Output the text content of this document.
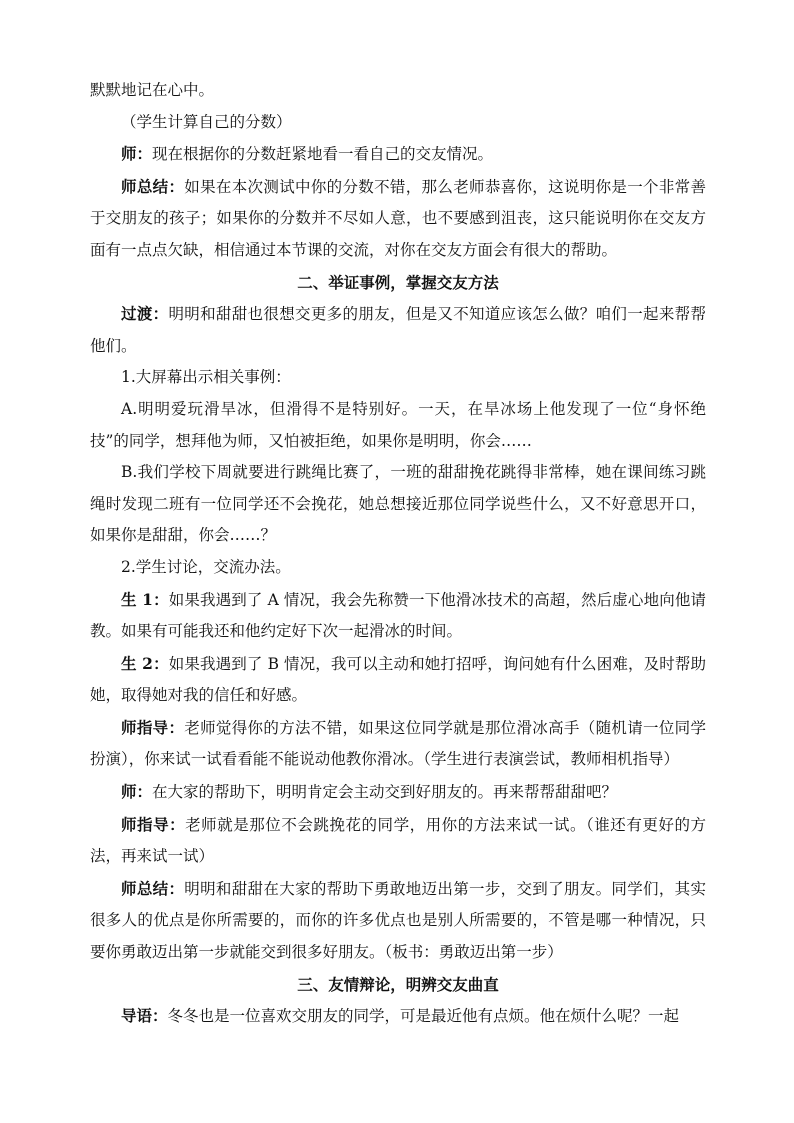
默默地记在心中。

（学生计算自己的分数）

师：现在根据你的分数赶紧地看一看自己的交友情况。

师总结：如果在本次测试中你的分数不错，那么老师恭喜你，这说明你是一个非常善于交朋友的孩子；如果你的分数并不尽如人意，也不要感到沮丧，这只能说明你在交友方面有一点点欠缺，相信通过本节课的交流，对你在交友方面会有很大的帮助。

二、举证事例，掌握交友方法

过渡：明明和甜甜也很想交更多的朋友，但是又不知道应该怎么做？咱们一起来帮帮他们。

1.大屏幕出示相关事例：

A.明明爱玩滑旱冰，但滑得不是特别好。一天，在旱冰场上他发现了一位“身怀绝技”的同学，想拜他为师，又怕被拒绝，如果你是明明，你会……

B.我们学校下周就要进行跳绳比赛了，一班的甜甜挽花跳得非常棒，她在课间练习跳绳时发现二班有一位同学还不会挽花，她总想接近那位同学说些什么，又不好意思开口，如果你是甜甜，你会……？

2.学生讨论，交流办法。

生 1：如果我遇到了 A 情况，我会先称赞一下他滑冰技术的高超，然后虚心地向他请教。如果有可能我还和他约定好下次一起滑冰的时间。

生 2：如果我遇到了 B 情况，我可以主动和她打招呼，询问她有什么困难，及时帮助她，取得她对我的信任和好感。

师指导：老师觉得你的方法不错，如果这位同学就是那位滑冰高手（随机请一位同学扮演），你来试一试看看能不能说动他教你滑冰。（学生进行表演尝试，教师相机指导）

师：在大家的帮助下，明明肯定会主动交到好朋友的。再来帮帮甜甜吧？

师指导：老师就是那位不会跳挽花的同学，用你的方法来试一试。（谁还有更好的方法，再来试一试）

师总结：明明和甜甜在大家的帮助下勇敢地迈出第一步，交到了朋友。同学们，其实很多人的优点是你所需要的，而你的许多优点也是别人所需要的，不管是哪一种情况，只要你勇敢迈出第一步就能交到很多好朋友。（板书：勇敢迈出第一步）

三、友情辩论，明辨交友曲直

导语：冬冬也是一位喜欢交朋友的同学，可是最近他有点烦。他在烦什么呢？一起
